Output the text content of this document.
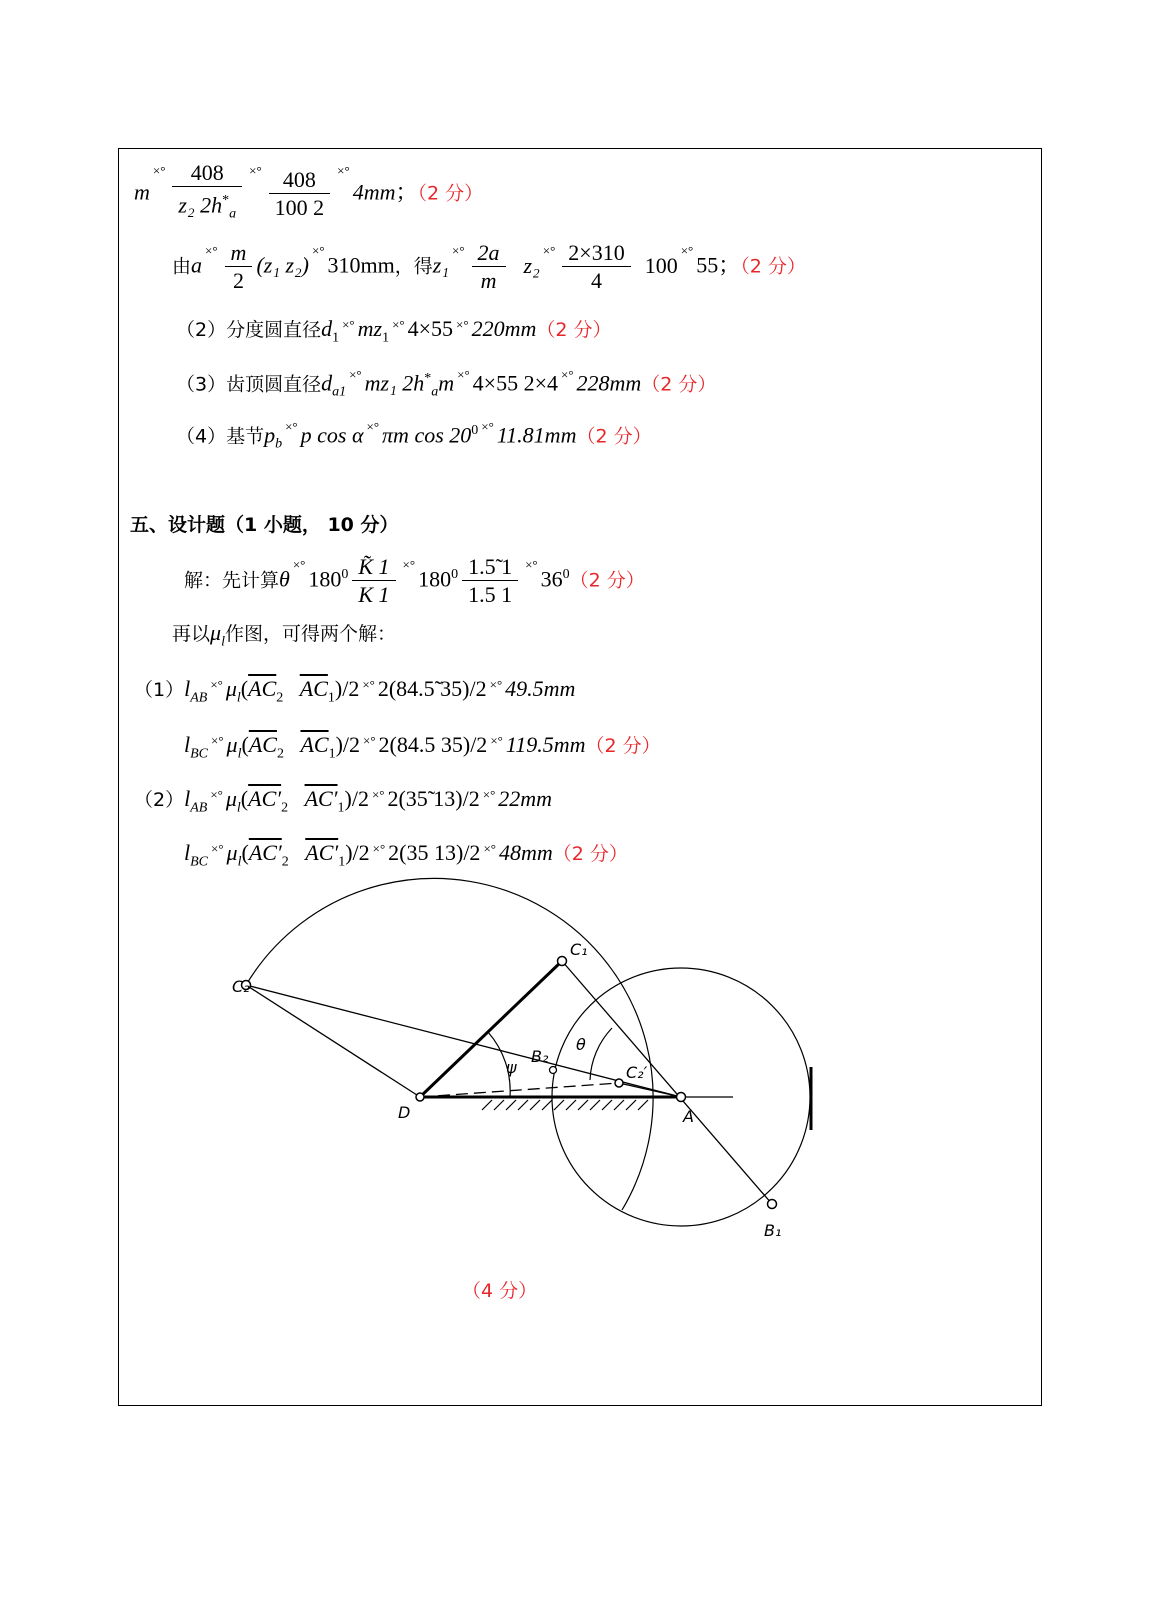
$m^{\times^\circ} \frac{408}{z_2 2h^*_a} ^{\times^\circ} \frac{408}{100 2} ^{\times^\circ}4mm$；（2 分）
由$a^{\times^\circ} \frac{m}{2} (z_1$ z₂)×°310mm，得$z_1^{\times^\circ} \frac{2a}{m} z_2^{\times^\circ} \frac{2\times 310}{4} 100^{\times^\circ}55$；（2 分）
（2）分度圆直径$d_1^{\times^\circ}$ $mz_1^{\times^\circ}$ 4×55 ×° 220mm（2 分）
（3）齿顶圆直径$d_{a1}^{\times^\circ}$ mz₁ $2h^*_am$ ×° 4×55 2×4 ×° 228mm（2 分）
（4）基节$p_b^{\times^\circ}$ p cos α ×° πm $\cos 20^0$ ×° 11.81mm（2 分）
五、设计题（1 小题， 10 分）
解：先计算$\theta^{\times^\circ}180^0 \frac{K̃ 1}{K 1} ^{\times^\circ}180^0 \frac{1.5̃ 1}{1.5 1} ^{\times^\circ}36^0(2$ 分）
再以$\mu_l$作图，可得两个解：
$(1)l_{AB}^{\times^\circ}$ $\mu_l(\overline{AC}_2$ $\overline{AC}_1)/2$ ×° 2(84.5̃ 35)/2 ×° 49.5mm
$l_{BC}^{\times^\circ}$ $\mu_l(\overline{AC}_2$ $\overline{AC}_1)/2$ ×° 2(84.5 35)/2 ×° 119.5mm（2 分）
$(2)l_{AB}^{\times^\circ}$ $\mu_l(AC'_2$ $AC'_1)/2$ ×° 2(35̃ 13)/2 ×° 22mm
$l_{BC}^{\times^\circ}$ $\mu_l(AC'_2$ $AC'_1)/2$ ×° 2(35 13)/2 ×° 48mm（2 分）
C₁
C₂
B₂
θ
ψ	C₂′
D	A
B₁
（4 分）
